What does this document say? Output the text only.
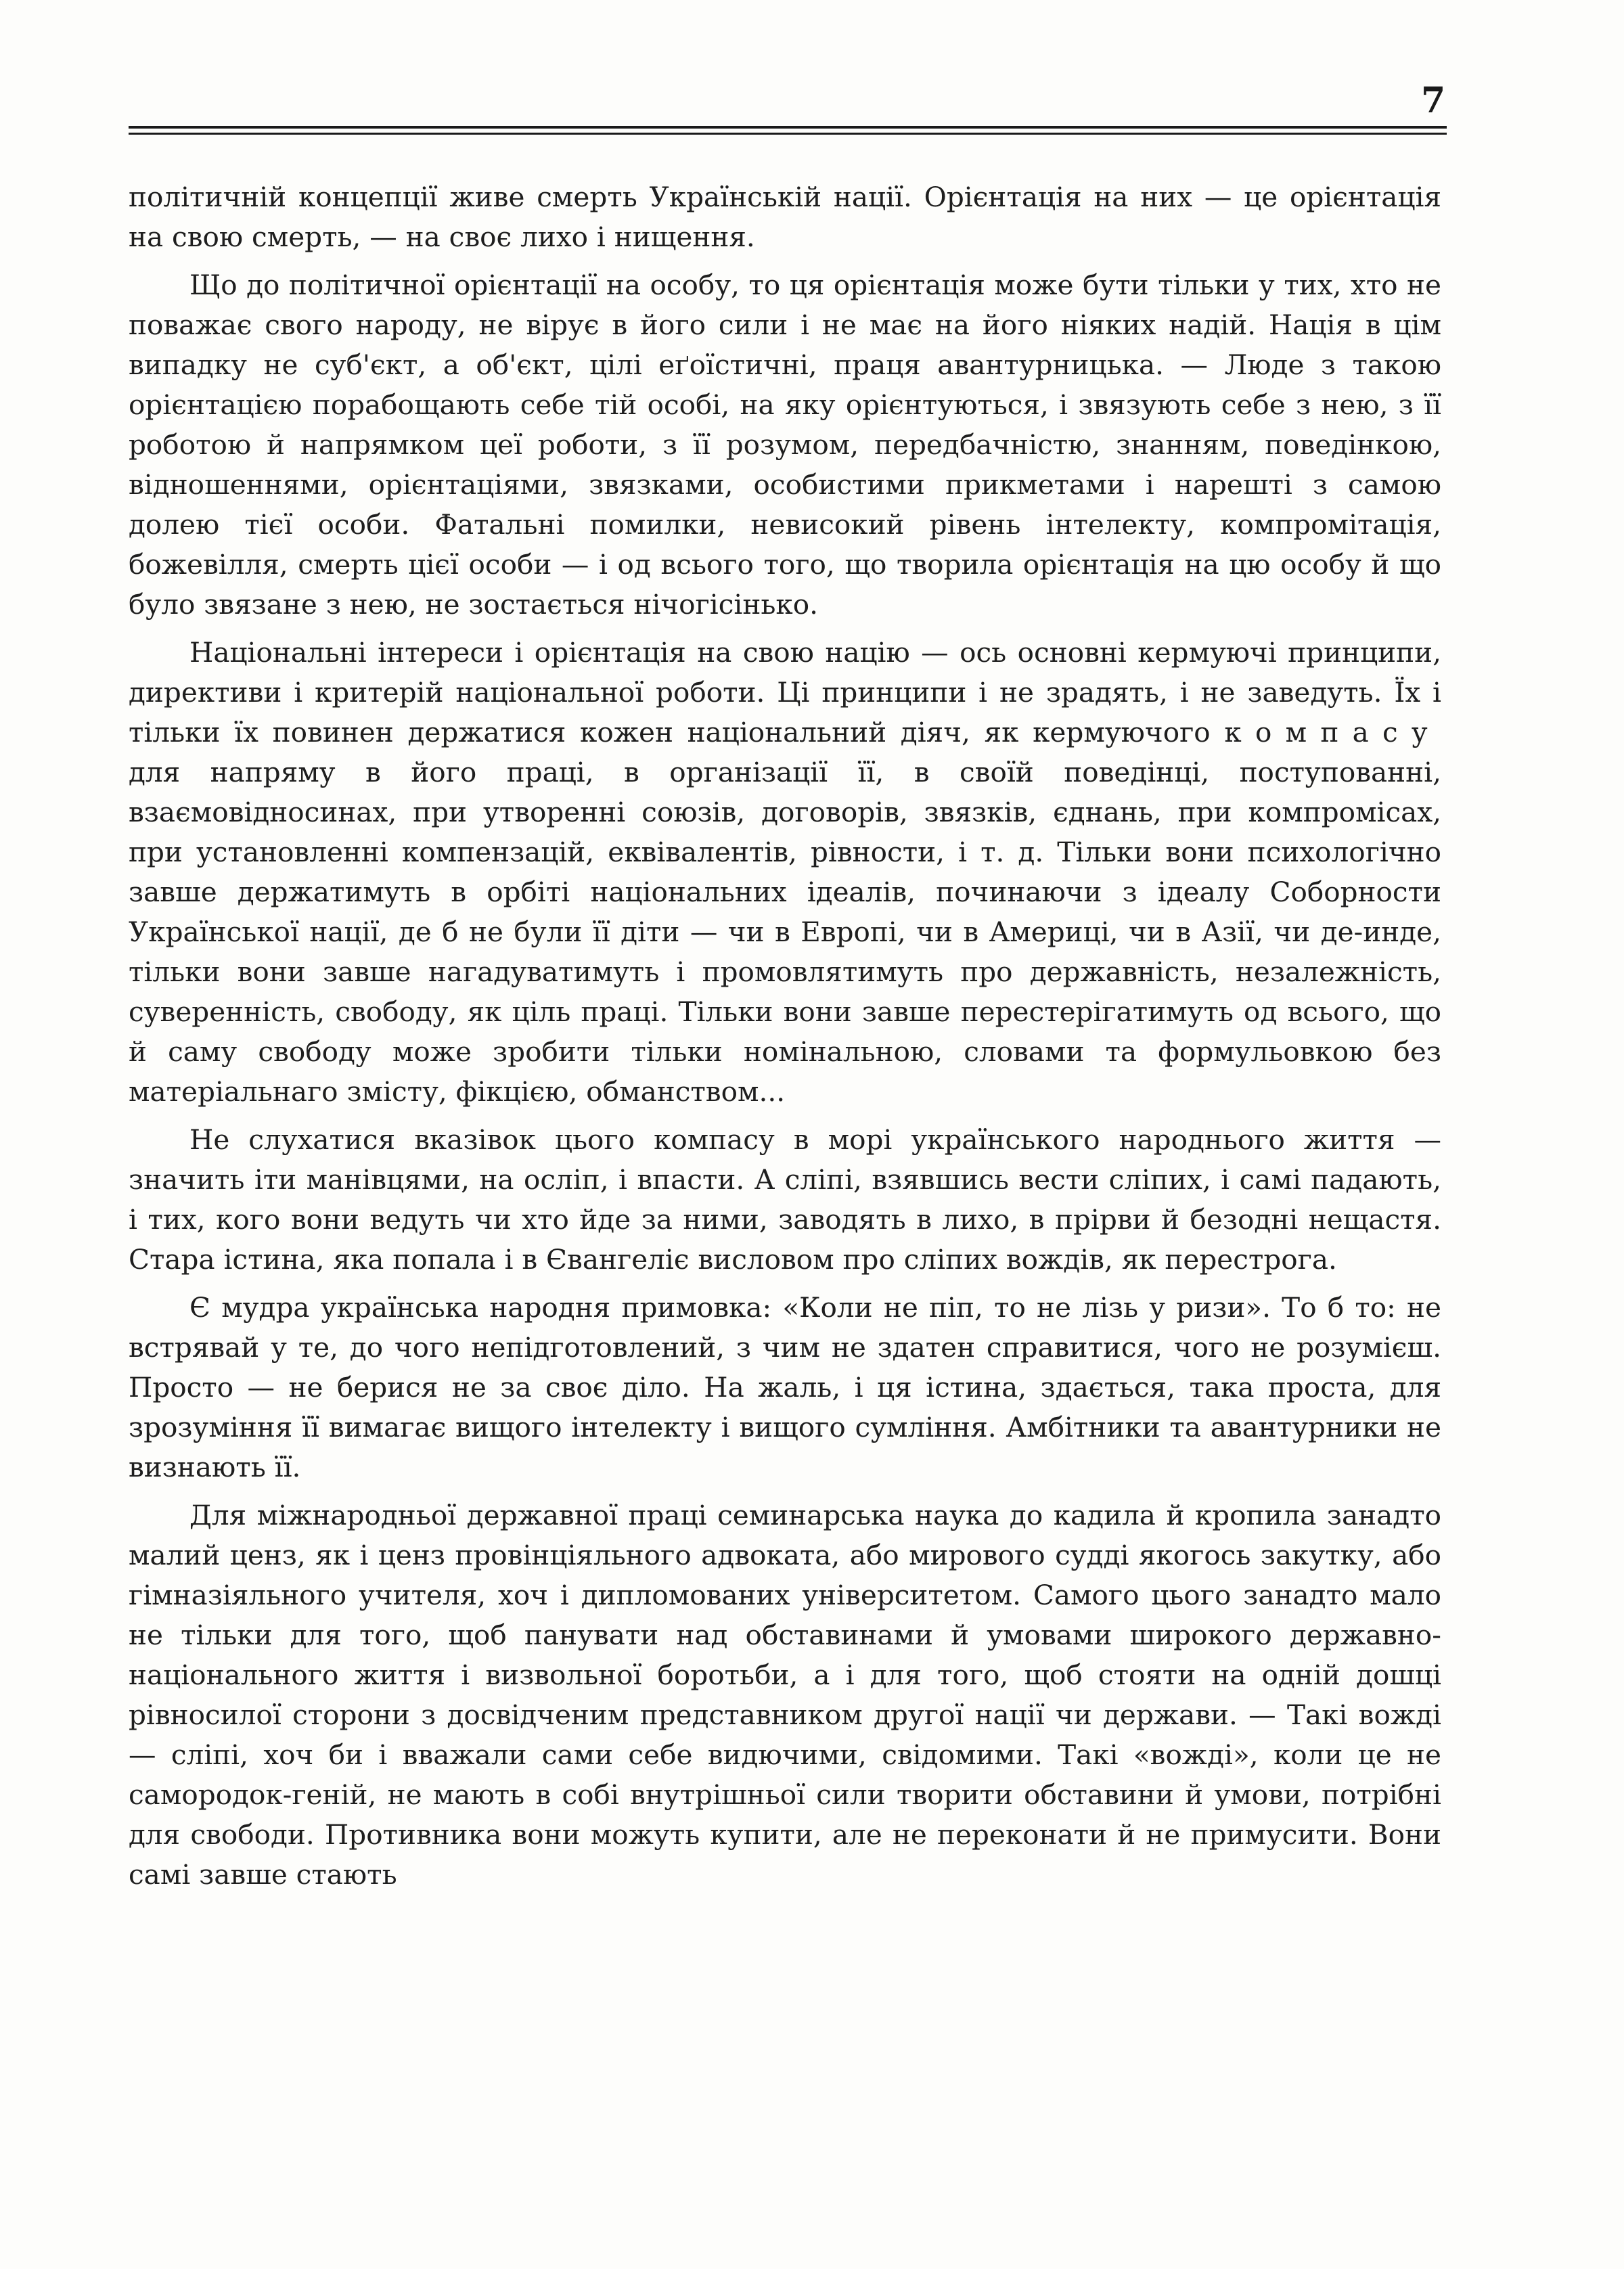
7

політичній концепції живе смерть Українській нації. Орієнтація на них — це орієнтація на свою смерть, — на своє лихо і нищення.

Що до політичної орієнтації на особу, то ця орієнтація може бути тільки у тих, хто не поважає свого народу, не вірує в його сили і не має на його ніяких надій. Нація в цім випадку не суб'єкт, а об'єкт, цілі еґоїстичні, праця авантурницька. — Люде з такою орієнтацією порабощають себе тій особі, на яку орієнтуються, і звязують себе з нею, з її роботою й напрямком цеї роботи, з її розумом, передбачністю, знанням, поведінкою, відношеннями, орієнтаціями, звязками, особистими прикметами і нарешті з самою долею тієї особи. Фатальні помилки, невисокий рівень інтелекту, компромітація, божевілля, смерть цієї особи — і од всього того, що творила орієнтація на цю особу й що було звязане з нею, не зостається нічогісінько.

Національні інтереси і орієнтація на свою націю — ось основні кермуючі принципи, директиви і критерій національної роботи. Ці принципи і не зрадять, і не заведуть. Їх і тільки їх повинен держатися кожен національний діяч, як кермуючого компасу для напряму в його праці, в організації її, в своїй поведінці, поступованні, взаємовідносинах, при утворенні союзів, договорів, звязків, єднань, при компромісах, при установленні компензацій, еквівалентів, рівности, і т. д. Тільки вони психологічно завше держатимуть в орбіті національних ідеалів, починаючи з ідеалу Соборности Української нації, де б не були її діти — чи в Европі, чи в Америці, чи в Азії, чи де-инде, тільки вони завше нагадуватимуть і промовлятимуть про державність, незалежність, суверенність, свободу, як ціль праці. Тільки вони завше перестерігатимуть од всього, що й саму свободу може зробити тільки номінальною, словами та формульовкою без матеріальнаго змісту, фікцією, обманством...

Не слухатися вказівок цього компасу в морі українського народнього життя — значить іти манівцями, на осліп, і впасти. А сліпі, взявшись вести сліпих, і самі падають, і тих, кого вони ведуть чи хто йде за ними, заводять в лихо, в прірви й безодні нещастя. Стара істина, яка попала і в Євангеліє висловом про сліпих вождів, як перестрога.

Є мудра українська народня примовка: «Коли не піп, то не лізь у ризи». То б то: не встрявай у те, до чого непідготовлений, з чим не здатен справитися, чого не розумієш. Просто — не берися не за своє діло. На жаль, і ця істина, здається, така проста, для зрозуміння її вимагає вищого інтелекту і вищого сумління. Амбітники та авантурники не визнають її.

Для міжнародньої державної праці семинарська наука до кадила й кропила занадто малий ценз, як і ценз провінціяльного адвоката, або мирового судді якогось закутку, або гімназіяльного учителя, хоч і дипломованих університетом. Самого цього занадто мало не тільки для того, щоб панувати над обставинами й умовами широкого державно-національного життя і визвольної боротьби, а і для того, щоб стояти на одній дошці рівносилої сторони з досвідченим представником другої нації чи держави. — Такі вожді — сліпі, хоч би і вважали сами себе видючими, свідомими. Такі «вожді», коли це не самородок-геній, не мають в собі внутрішньої сили творити обставини й умови, потрібні для свободи. Противника вони можуть купити, але не переконати й не примусити. Вони самі завше стають
